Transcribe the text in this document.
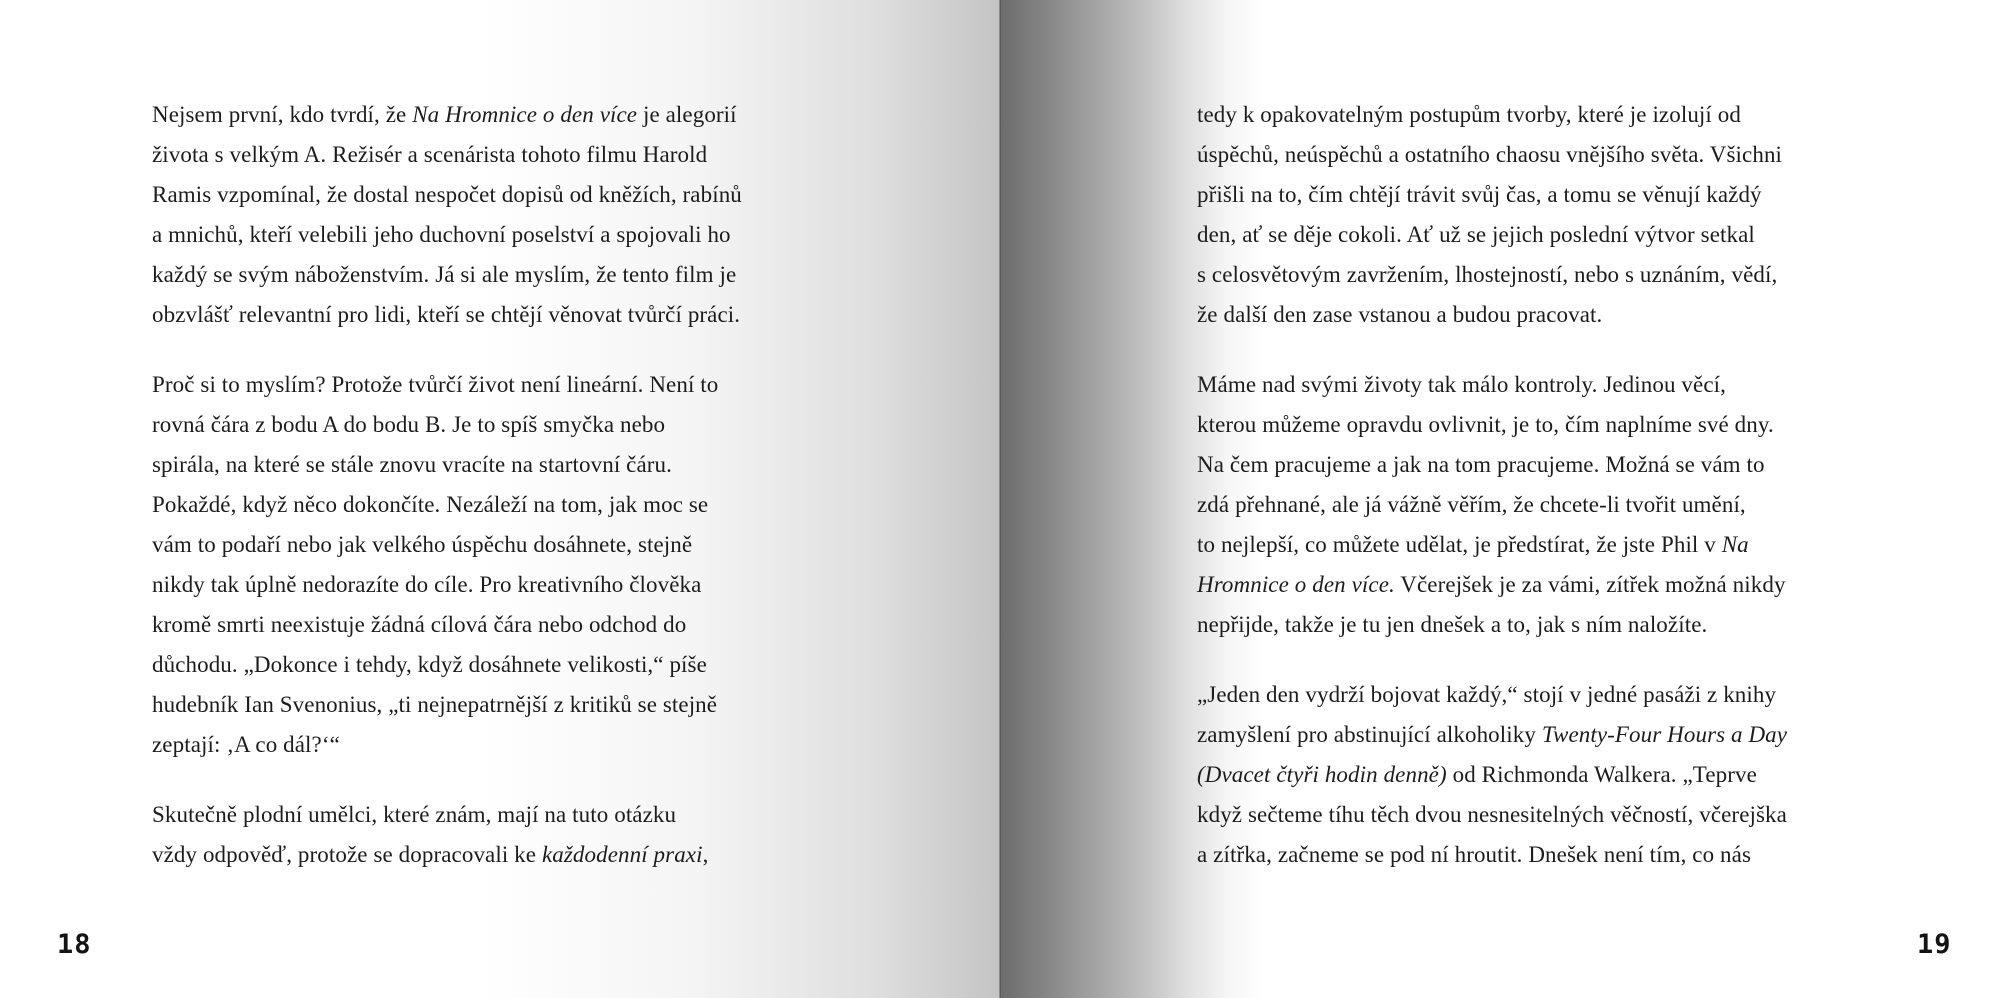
Nejsem první, kdo tvrdí, že Na Hromnice o den více je alegorií
života s velkým A. Režisér a scenárista tohoto filmu Harold
Ramis vzpomínal, že dostal nespočet dopisů od kněžích, rabínů
a mnichů, kteří velebili jeho duchovní poselství a spojovali ho
každý se svým náboženstvím. Já si ale myslím, že tento film je
obzvlášť relevantní pro lidi, kteří se chtějí věnovat tvůrčí práci.
Proč si to myslím? Protože tvůrčí život není lineární. Není to
rovná čára z bodu A do bodu B. Je to spíš smyčka nebo
spirála, na které se stále znovu vracíte na startovní čáru.
Pokaždé, když něco dokončíte. Nezáleží na tom, jak moc se
vám to podaří nebo jak velkého úspěchu dosáhnete, stejně
nikdy tak úplně nedorazíte do cíle. Pro kreativního člověka
kromě smrti neexistuje žádná cílová čára nebo odchod do
důchodu. „Dokonce i tehdy, když dosáhnete velikosti,“ píše
hudebník Ian Svenonius, „ti nejnepatrnější z kritiků se stejně
zeptají: ‚A co dál?‘“
Skutečně plodní umělci, které znám, mají na tuto otázku
vždy odpověď, protože se dopracovali ke každodenní praxi,
18
tedy k opakovatelným postupům tvorby, které je izolují od
úspěchů, neúspěchů a ostatního chaosu vnějšího světa. Všichni
přišli na to, čím chtějí trávit svůj čas, a tomu se věnují každý
den, ať se děje cokoli. Ať už se jejich poslední výtvor setkal
s celosvětovým zavržením, lhostejností, nebo s uznáním, vědí,
že další den zase vstanou a budou pracovat.
Máme nad svými životy tak málo kontroly. Jedinou věcí,
kterou můžeme opravdu ovlivnit, je to, čím naplníme své dny.
Na čem pracujeme a jak na tom pracujeme. Možná se vám to
zdá přehnané, ale já vážně věřím, že chcete-li tvořit umění,
to nejlepší, co můžete udělat, je předstírat, že jste Phil v Na
Hromnice o den více. Včerejšek je za vámi, zítřek možná nikdy
nepřijde, takže je tu jen dnešek a to, jak s ním naložíte.
„Jeden den vydrží bojovat každý,“ stojí v jedné pasáži z knihy
zamyšlení pro abstinující alkoholiky Twenty-Four Hours a Day
(Dvacet čtyři hodin denně) od Richmonda Walkera. „Teprve
když sečteme tíhu těch dvou nesnesitelných věčností, včerejška
a zítřka, začneme se pod ní hroutit. Dnešek není tím, co nás
19
